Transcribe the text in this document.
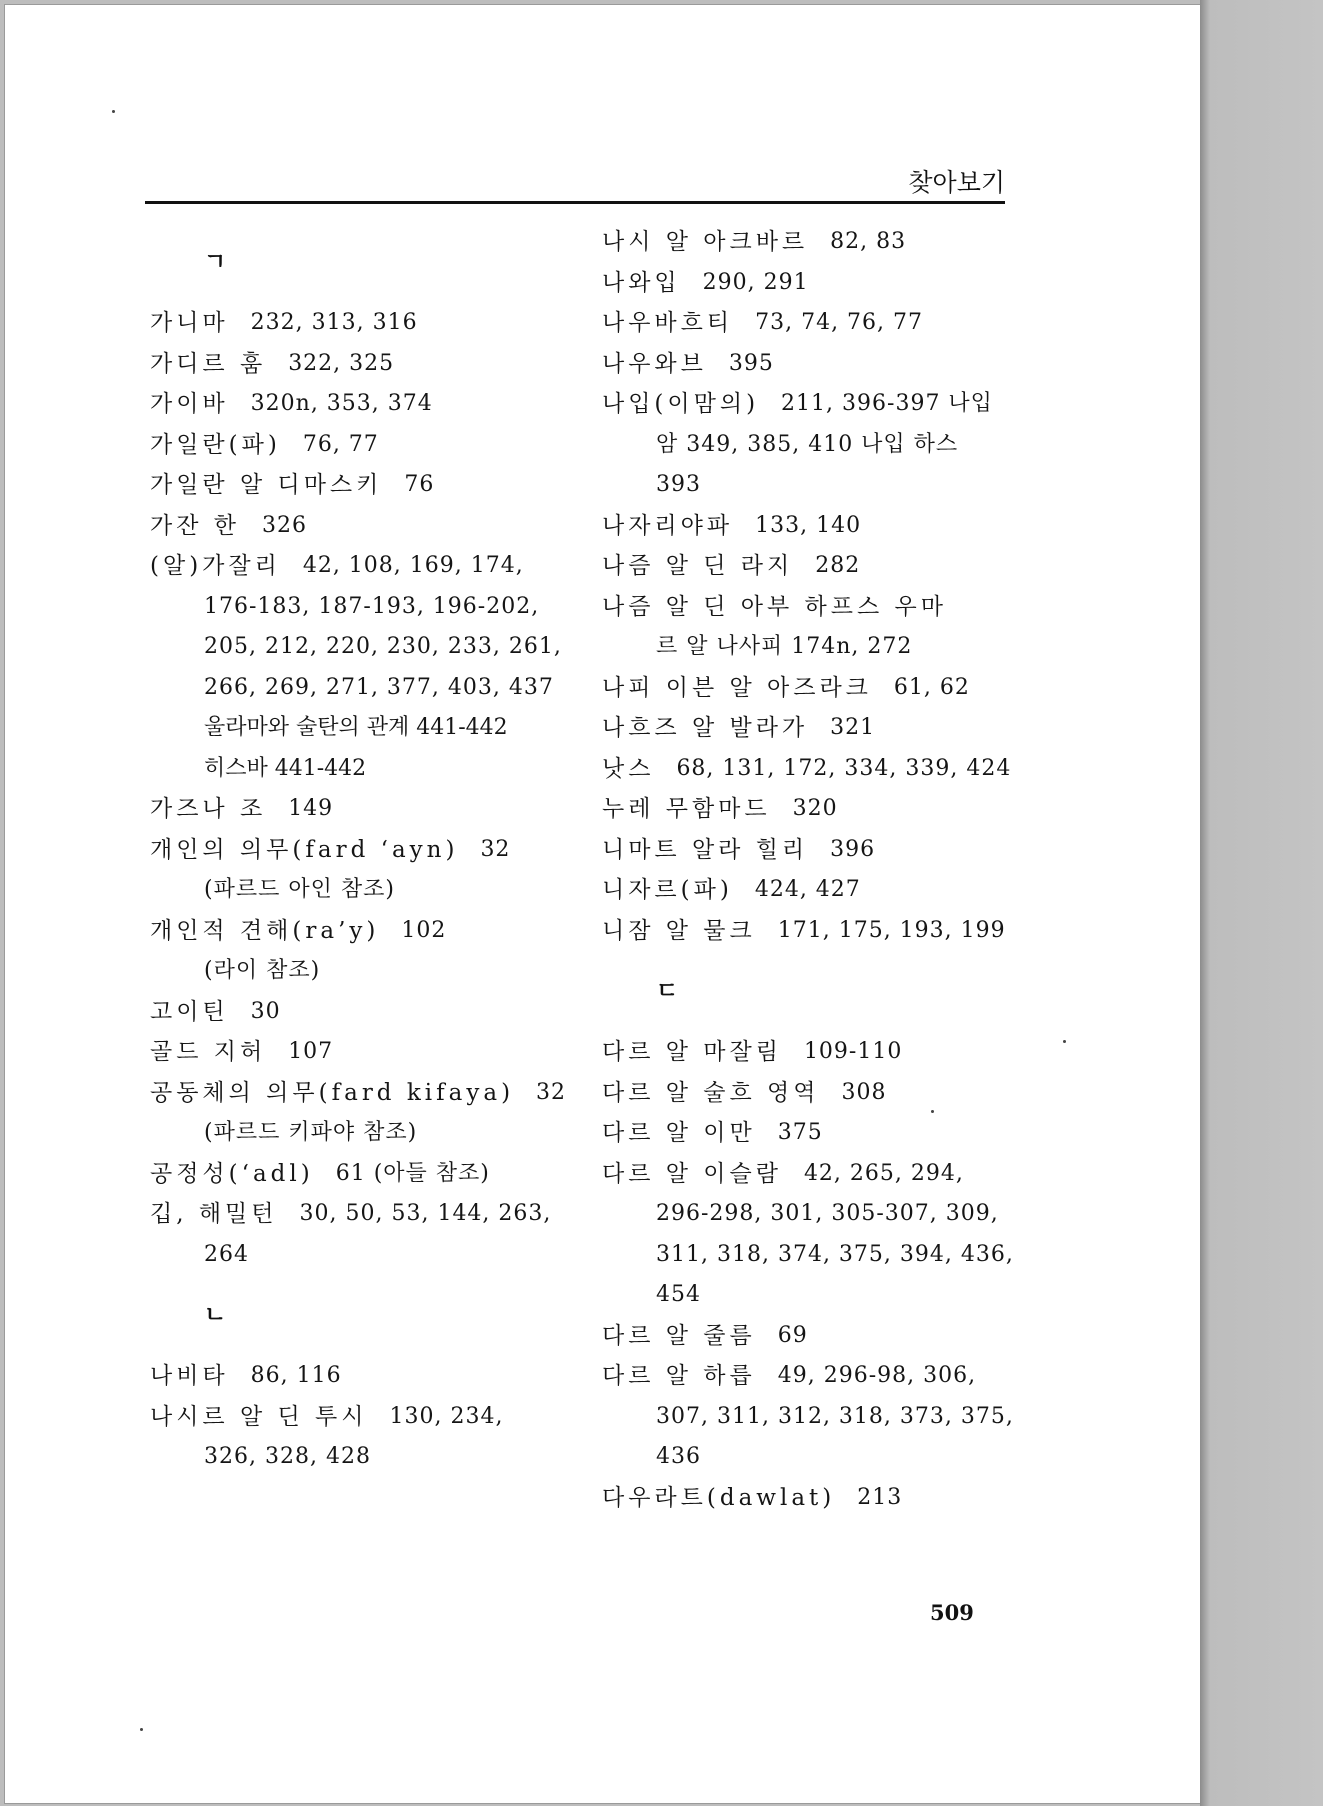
찾아보기
ㄱ
가니마 232, 313, 316
가디르 훔 322, 325
가이바 320n, 353, 374
가일란(파) 76, 77
가일란 알 디마스키 76
가잔 한 326
(알)가잘리 42, 108, 169, 174,
176-183, 187-193, 196-202,
205, 212, 220, 230, 233, 261,
266, 269, 271, 377, 403, 437
울라마와 술탄의 관계 441-442
히스바 441-442
가즈나 조 149
개인의 의무(fard ‘ayn) 32
(파르드 아인 참조)
개인적 견해(ra’y) 102
(라이 참조)
고이틴 30
골드 지허 107
공동체의 의무(fard kifaya) 32
(파르드 키파야 참조)
공정성(‘adl) 61 (아들 참조)
깁, 해밀턴 30, 50, 53, 144, 263,
264
ㄴ
나비타 86, 116
나시르 알 딘 투시 130, 234,
326, 328, 428
나시 알 아크바르 82, 83
나와입 290, 291
나우바흐티 73, 74, 76, 77
나우와브 395
나입(이맘의) 211, 396-397 나입
암 349, 385, 410 나입 하스
393
나자리야파 133, 140
나즘 알 딘 라지 282
나즘 알 딘 아부 하프스 우마
르 알 나사피 174n, 272
나피 이븐 알 아즈라크 61, 62
나흐즈 알 발라가 321
낫스 68, 131, 172, 334, 339, 424
누레 무함마드 320
니마트 알라 힐리 396
니자르(파) 424, 427
니잠 알 물크 171, 175, 193, 199
ㄷ
다르 알 마잘림 109-110
다르 알 술흐 영역 308
다르 알 이만 375
다르 알 이슬람 42, 265, 294,
296-298, 301, 305-307, 309,
311, 318, 374, 375, 394, 436,
454
다르 알 줄름 69
다르 알 하릅 49, 296-98, 306,
307, 311, 312, 318, 373, 375,
436
다우라트(dawlat) 213
509
